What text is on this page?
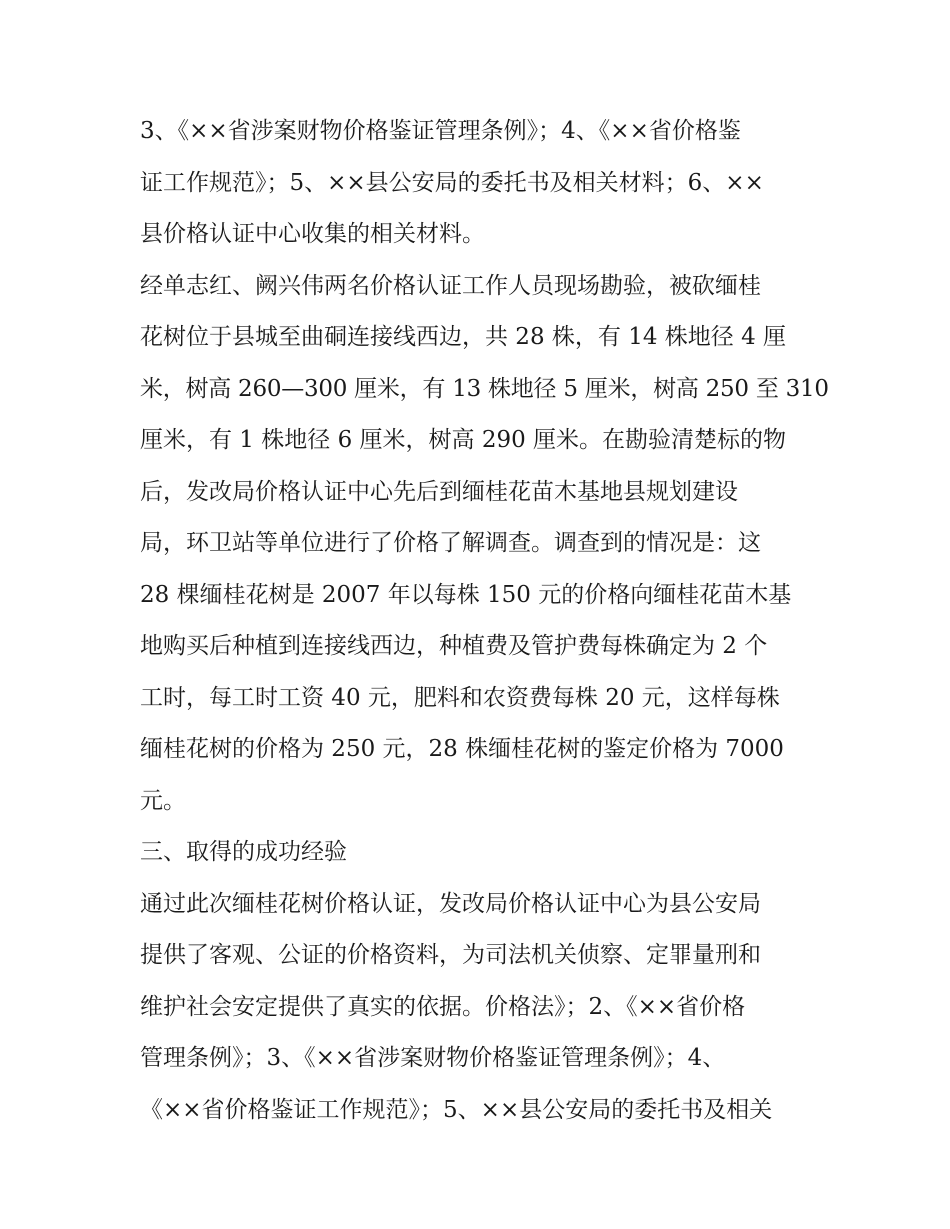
3、《××省涉案财物价格鉴证管理条例》；4、《××省价格鉴
证工作规范》；5、××县公安局的委托书及相关材料；6、××
县价格认证中心收集的相关材料。
经单志红、阙兴伟两名价格认证工作人员现场勘验，被砍缅桂
花树位于县城至曲硐连接线西边，共 28 株，有 14 株地径 4 厘
米，树高 260—300 厘米，有 13 株地径 5 厘米，树高 250 至 310
厘米，有 1 株地径 6 厘米，树高 290 厘米。在勘验清楚标的物
后，发改局价格认证中心先后到缅桂花苗木基地县规划建设
局，环卫站等单位进行了价格了解调查。调查到的情况是：这
28 棵缅桂花树是 2007 年以每株 150 元的价格向缅桂花苗木基
地购买后种植到连接线西边，种植费及管护费每株确定为 2 个
工时，每工时工资 40 元，肥料和农资费每株 20 元，这样每株
缅桂花树的价格为 250 元，28 株缅桂花树的鉴定价格为 7000
元。
三、取得的成功经验
通过此次缅桂花树价格认证，发改局价格认证中心为县公安局
提供了客观、公证的价格资料，为司法机关侦察、定罪量刑和
维护社会安定提供了真实的依据。价格法》；2、《××省价格
管理条例》；3、《××省涉案财物价格鉴证管理条例》；4、
《××省价格鉴证工作规范》；5、××县公安局的委托书及相关
